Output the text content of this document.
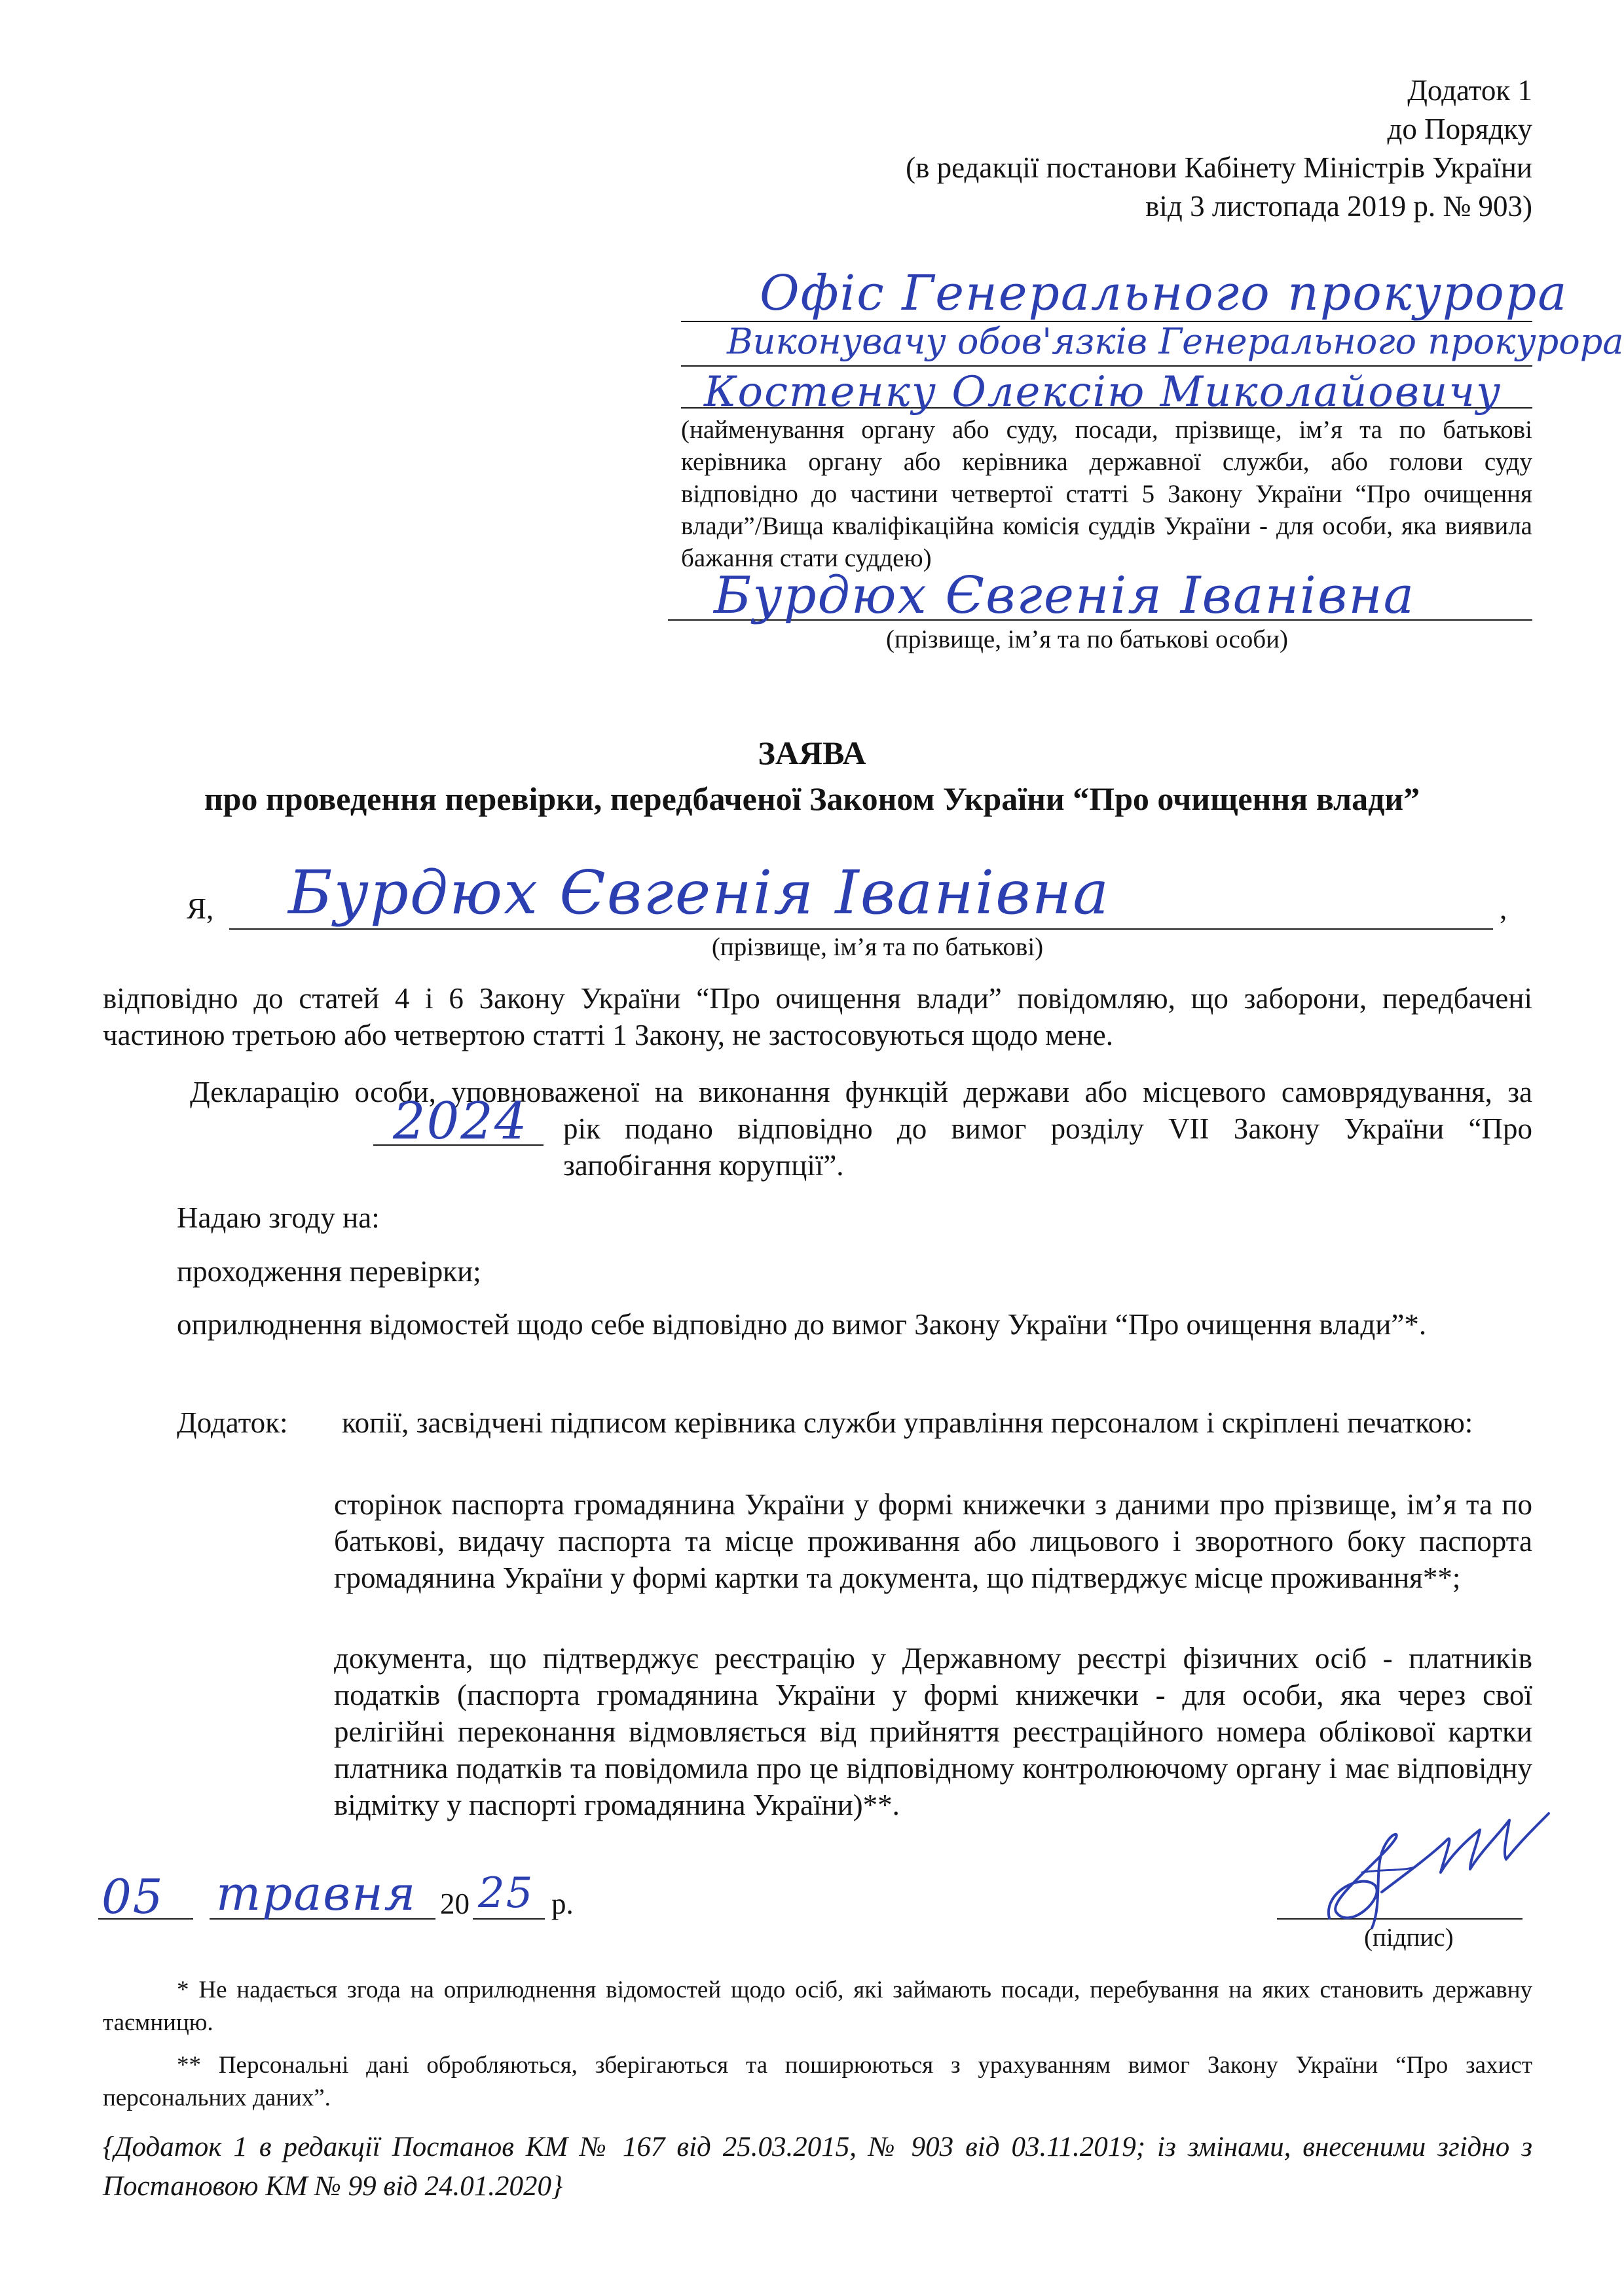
Додаток 1
до Порядку
(в редакції постанови Кабінету Міністрів України
від 3 листопада 2019 р. № 903)
Офіс Генерального прокурора
Виконувачу обов'язків Генерального прокурора
Костенку Олексію Миколайовичу
(найменування органу або суду, посади, прізвище, ім’я та по батькові керівника органу або керівника державної служби, або голови суду відповідно до частини четвертої статті 5 Закону України “Про очищення влади”/Вища кваліфікаційна комісія суддів України - для особи, яка виявила бажання стати суддею)
Бурдюх Євгенія Іванівна
(прізвище, ім’я та по батькові особи)
ЗАЯВА
про проведення перевірки, передбаченої Законом України “Про очищення влади”
Я, Бурдюх Євгенія Іванівна	,
(прізвище, ім’я та по батькові)
відповідно до статей 4 і 6 Закону України “Про очищення влади” повідомляю, що заборони, передбачені частиною третьою або четвертою статті 1 Закону, не застосовуються щодо мене.
Декларацію особи, уповноваженої на виконання функцій держави або місцевого самоврядування, за
2024 рік подано відповідно до вимог розділу VII Закону України “Про запобігання корупції”.
Надаю згоду на:
проходження перевірки;
оприлюднення відомостей щодо себе відповідно до вимог Закону України “Про очищення влади”*.
Додаток: копії, засвідчені підписом керівника служби управління персоналом і скріплені печаткою:
сторінок паспорта громадянина України у формі книжечки з даними про прізвище, ім’я та по батькові, видачу паспорта та місце проживання або лицьового і зворотного боку паспорта громадянина України у формі картки та документа, що підтверджує місце проживання**;
документа, що підтверджує реєстрацію у Державному реєстрі фізичних осіб - платників податків (паспорта громадянина України у формі книжечки - для особи, яка через свої релігійні переконання відмовляється від прийняття реєстраційного номера облікової картки платника податків та повідомила про це відповідному контролюючому органу і має відповідну відмітку у паспорті громадянина України)**.
05 травня 20 25 р.
(підпис)
* Не надається згода на оприлюднення відомостей щодо осіб, які займають посади, перебування на яких становить державну таємницю.
** Персональні дані обробляються, зберігаються та поширюються з урахуванням вимог Закону України “Про захист персональних даних”.
{Додаток 1 в редакції Постанов КМ № 167 від 25.03.2015, № 903 від 03.11.2019; із змінами, внесеними згідно з Постановою КМ № 99 від 24.01.2020}
